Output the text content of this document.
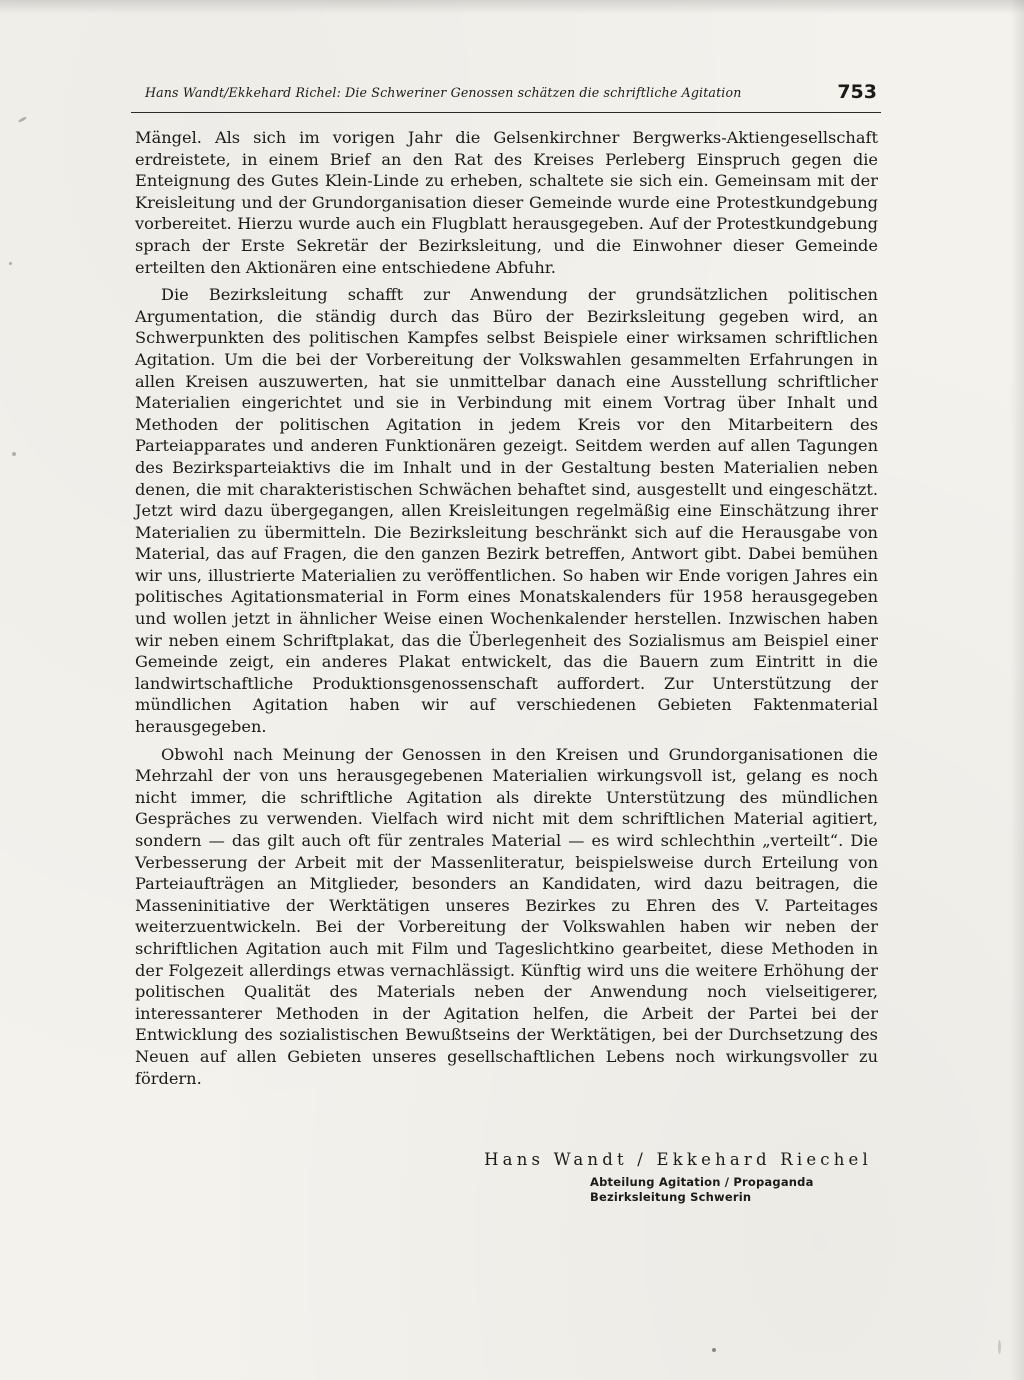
Hans Wandt/Ekkehard Richel: Die Schweriner Genossen schätzen die schriftliche Agitation	753

Mängel. Als sich im vorigen Jahr die Gelsenkirchner Bergwerks-Aktiengesellschaft erdreistete, in einem Brief an den Rat des Kreises Perleberg Einspruch gegen die Enteignung des Gutes Klein-Linde zu erheben, schaltete sie sich ein. Gemeinsam mit der Kreisleitung und der Grundorganisation dieser Gemeinde wurde eine Protestkundgebung vorbereitet. Hierzu wurde auch ein Flugblatt herausgegeben. Auf der Protestkundgebung sprach der Erste Sekretär der Bezirksleitung, und die Einwohner dieser Gemeinde erteilten den Aktionären eine entschiedene Abfuhr.

Die Bezirksleitung schafft zur Anwendung der grundsätzlichen politischen Argumentation, die ständig durch das Büro der Bezirksleitung gegeben wird, an Schwerpunkten des politischen Kampfes selbst Beispiele einer wirksamen schriftlichen Agitation. Um die bei der Vorbereitung der Volkswahlen gesammelten Erfahrungen in allen Kreisen auszuwerten, hat sie unmittelbar danach eine Ausstellung schriftlicher Materialien eingerichtet und sie in Verbindung mit einem Vortrag über Inhalt und Methoden der politischen Agitation in jedem Kreis vor den Mitarbeitern des Parteiapparates und anderen Funktionären gezeigt. Seitdem werden auf allen Tagungen des Bezirksparteiaktivs die im Inhalt und in der Gestaltung besten Materialien neben denen, die mit charakteristischen Schwächen behaftet sind, ausgestellt und eingeschätzt. Jetzt wird dazu übergegangen, allen Kreisleitungen regelmäßig eine Einschätzung ihrer Materialien zu übermitteln. Die Bezirksleitung beschränkt sich auf die Herausgabe von Material, das auf Fragen, die den ganzen Bezirk betreffen, Antwort gibt. Dabei bemühen wir uns, illustrierte Materialien zu veröffentlichen. So haben wir Ende vorigen Jahres ein politisches Agitationsmaterial in Form eines Monatskalenders für 1958 herausgegeben und wollen jetzt in ähnlicher Weise einen Wochenkalender herstellen. Inzwischen haben wir neben einem Schriftplakat, das die Überlegenheit des Sozialismus am Beispiel einer Gemeinde zeigt, ein anderes Plakat entwickelt, das die Bauern zum Eintritt in die landwirtschaftliche Produktionsgenossenschaft auffordert. Zur Unterstützung der mündlichen Agitation haben wir auf verschiedenen Gebieten Faktenmaterial herausgegeben.

Obwohl nach Meinung der Genossen in den Kreisen und Grundorganisationen die Mehrzahl der von uns herausgegebenen Materialien wirkungsvoll ist, gelang es noch nicht immer, die schriftliche Agitation als direkte Unterstützung des mündlichen Gespräches zu verwenden. Vielfach wird nicht mit dem schriftlichen Material agitiert, sondern — das gilt auch oft für zentrales Material — es wird schlechthin „verteilt“. Die Verbesserung der Arbeit mit der Massenliteratur, beispielsweise durch Erteilung von Parteiaufträgen an Mitglieder, besonders an Kandidaten, wird dazu beitragen, die Masseninitiative der Werktätigen unseres Bezirkes zu Ehren des V. Parteitages weiterzuentwickeln. Bei der Vorbereitung der Volkswahlen haben wir neben der schriftlichen Agitation auch mit Film und Tageslichtkino gearbeitet, diese Methoden in der Folgezeit allerdings etwas vernachlässigt. Künftig wird uns die weitere Erhöhung der politischen Qualität des Materials neben der Anwendung noch vielseitigerer, interessanterer Methoden in der Agitation helfen, die Arbeit der Partei bei der Entwicklung des sozialistischen Bewußtseins der Werktätigen, bei der Durchsetzung des Neuen auf allen Gebieten unseres gesellschaftlichen Lebens noch wirkungsvoller zu fördern.

Hans Wandt / Ekkehard Riechel
Abteilung Agitation / Propaganda
Bezirksleitung Schwerin
